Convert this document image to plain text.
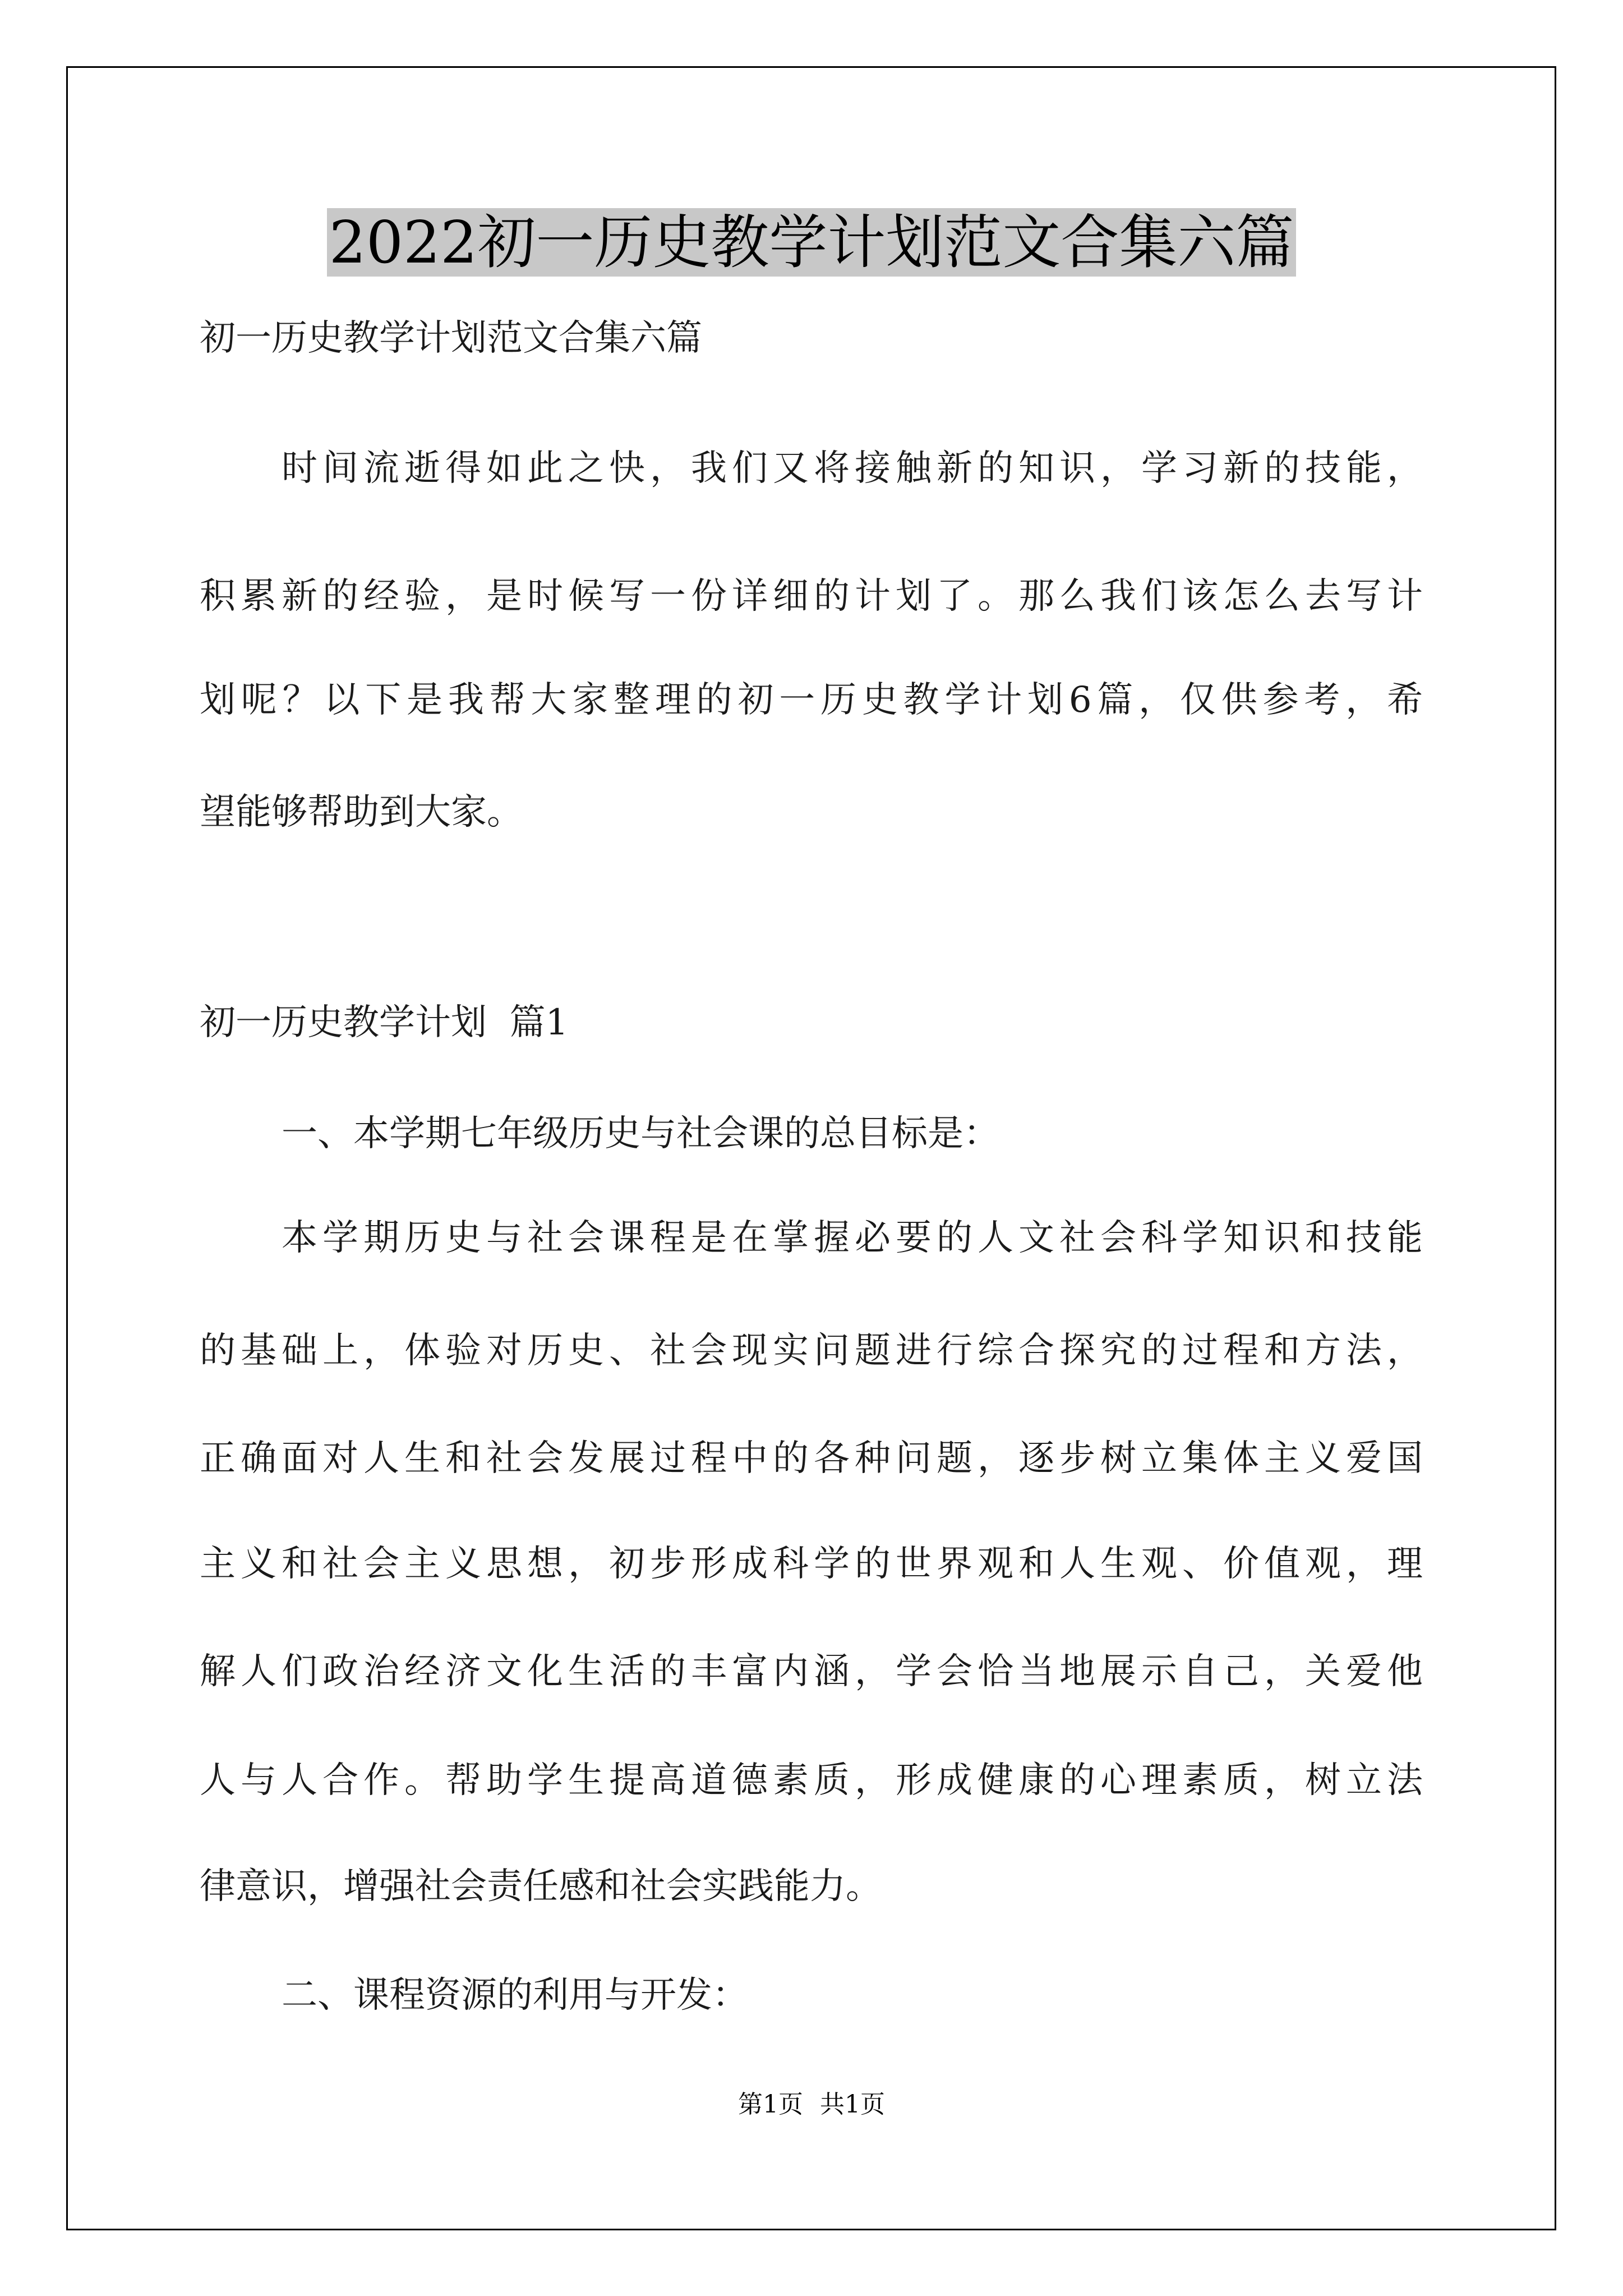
2022初一历史教学计划范文合集六篇
初一历史教学计划范文合集六篇
时间流逝得如此之快，我们又将接触新的知识，学习新的技能，
积累新的经验，是时候写一份详细的计划了。那么我们该怎么去写计
划呢？以下是我帮大家整理的初一历史教学计划6篇，仅供参考，希
望能够帮助到大家。
初一历史教学计划  篇1
一、本学期七年级历史与社会课的总目标是：
本学期历史与社会课程是在掌握必要的人文社会科学知识和技能
的基础上，体验对历史、社会现实问题进行综合探究的过程和方法，
正确面对人生和社会发展过程中的各种问题，逐步树立集体主义爱国
主义和社会主义思想，初步形成科学的世界观和人生观、价值观，理
解人们政治经济文化生活的丰富内涵，学会恰当地展示自己，关爱他
人与人合作。帮助学生提高道德素质，形成健康的心理素质，树立法
律意识，增强社会责任感和社会实践能力。
二、课程资源的利用与开发：
第1页 共1页
